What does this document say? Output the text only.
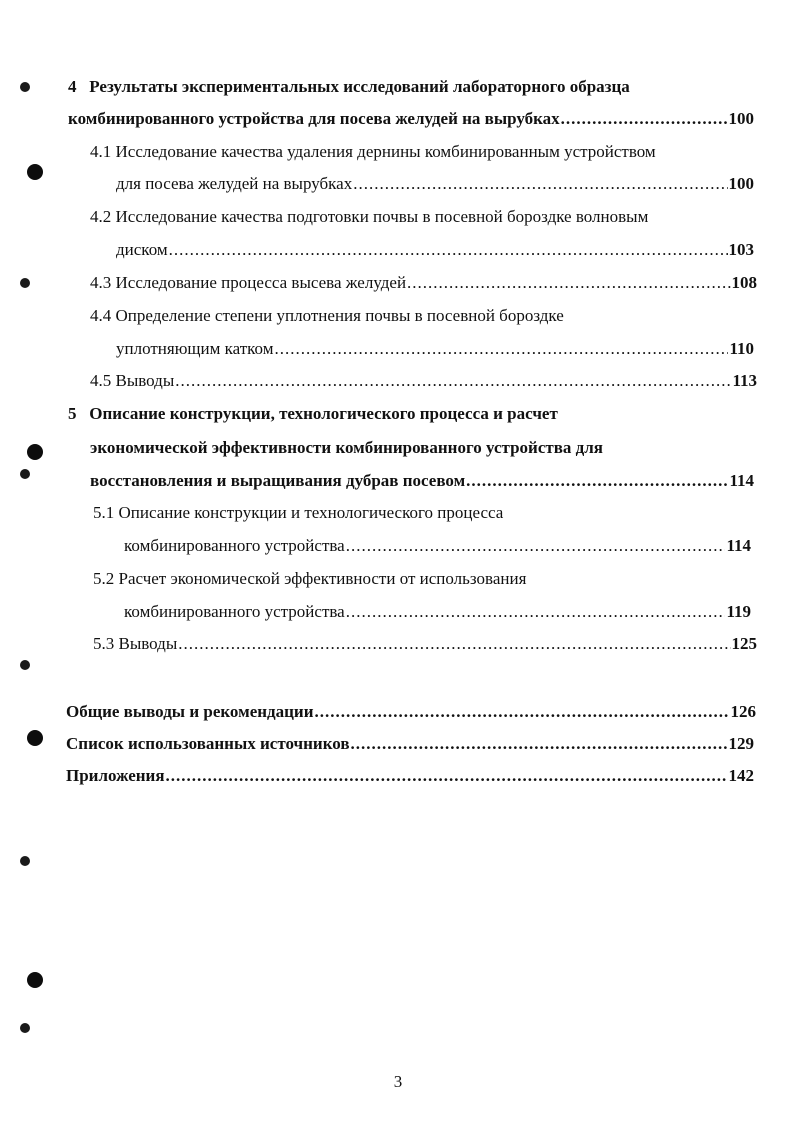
4 Результаты экспериментальных исследований лабораторного образца
комбинированного устройства для посева желудей на вырубках .....	100
4.1 Исследование качества удаления дернины комбинированным устройством
для посева желудей на вырубках .....	100
4.2 Исследование качества подготовки почвы в посевной бороздке волновым
диском .....	103
4.3 Исследование процесса высева желудей .....	108
4.4 Определение степени уплотнения почвы в посевной бороздке
уплотняющим катком .....	110
4.5 Выводы .....	113
5 Описание конструкции, технологического процесса и расчет
экономической эффективности комбинированного устройства для
восстановления и выращивания дубрав посевом .....	114
5.1 Описание конструкции и технологического процесса
комбинированного устройства .....	114
5.2 Расчет экономической эффективности от использования
комбинированного устройства .....	119
5.3 Выводы .....	125
Общие выводы и рекомендации .....	126
Список использованных источников .....	129
Приложения .....	142
3
